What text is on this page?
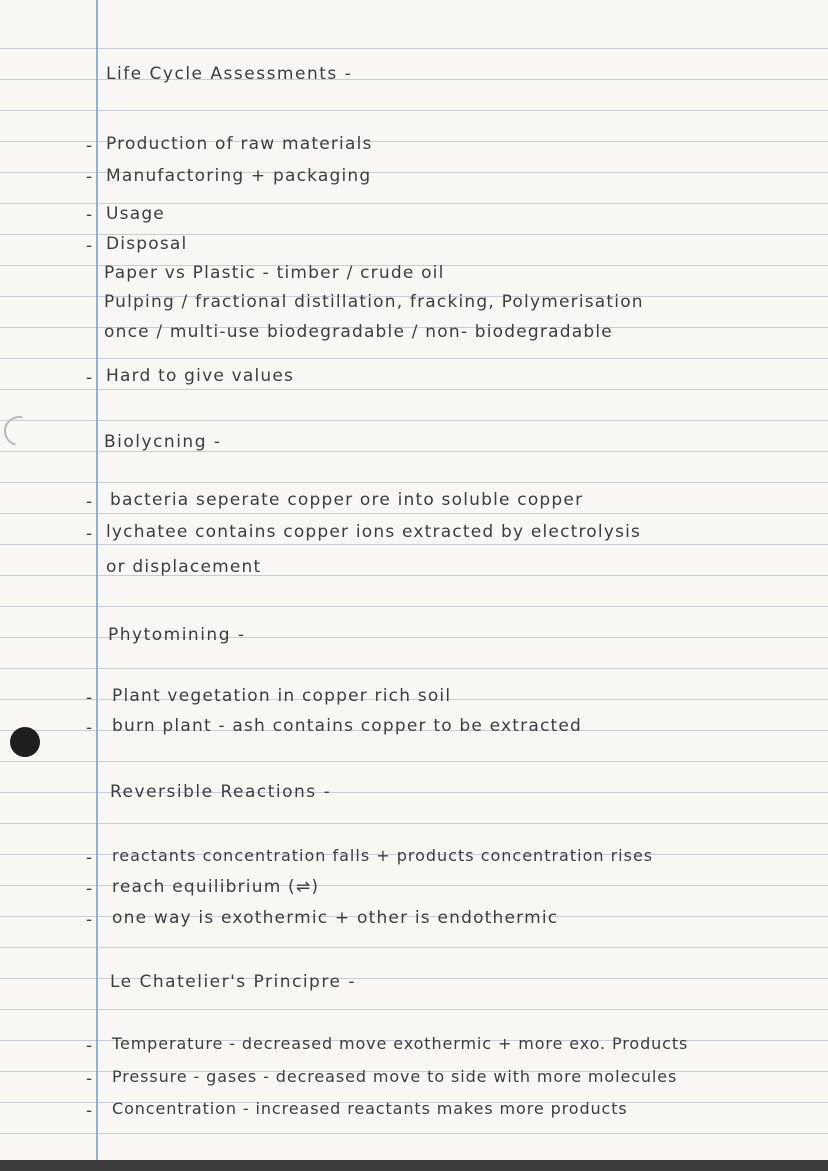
Life Cycle Assessments -
- Production of raw materials
- Manufactoring + packaging
- Usage
- Disposal
Paper vs Plastic - timber / crude oil
Pulping / fractional distillation, fracking, Polymerisation
once / multi-use biodegradable / non- biodegradable
- Hard to give values
Biolycning -
- bacteria seperate copper ore into soluble copper
- lychatee contains copper ions extracted by electrolysis
or displacement
Phytomining -
- Plant vegetation in copper rich soil
- burn plant - ash contains copper to be extracted
Reversible Reactions -
- reactants concentration falls + products concentration rises
- reach equilibrium (⇌)
- one way is exothermic + other is endothermic
Le Chatelier's Principre -
- Temperature - decreased move exothermic + more exo. Products
- Pressure - gases - decreased move to side with more molecules
- Concentration - increased reactants makes more products
